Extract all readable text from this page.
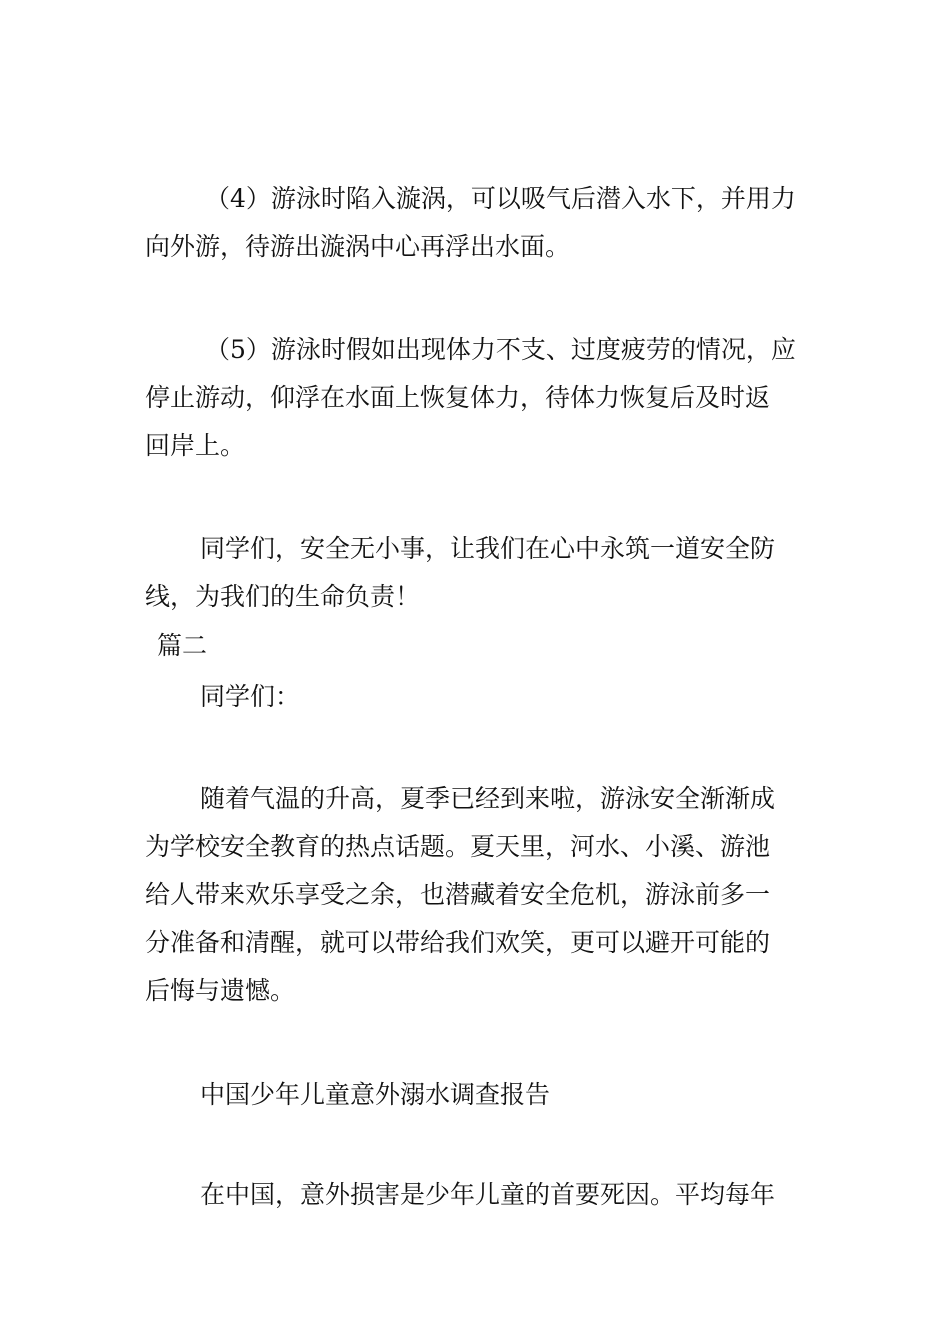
（4）游泳时陷入漩涡，可以吸气后潜入水下，并用力
向外游，待游出漩涡中心再浮出水面。

（5）游泳时假如出现体力不支、过度疲劳的情况，应
停止游动，仰浮在水面上恢复体力，待体力恢复后及时返
回岸上。

同学们，安全无小事，让我们在心中永筑一道安全防
线，为我们的生命负责！

篇二

同学们：

随着气温的升高，夏季已经到来啦，游泳安全渐渐成
为学校安全教育的热点话题。夏天里，河水、小溪、游池
给人带来欢乐享受之余，也潜藏着安全危机，游泳前多一
分准备和清醒，就可以带给我们欢笑，更可以避开可能的
后悔与遗憾。

中国少年儿童意外溺水调查报告

在中国，意外损害是少年儿童的首要死因。平均每年
